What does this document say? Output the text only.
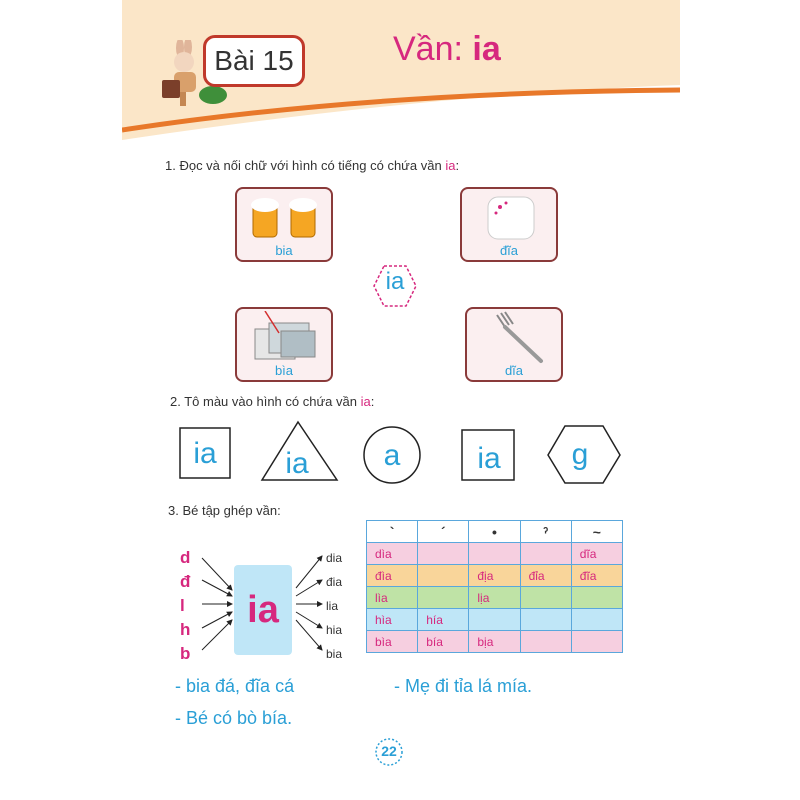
Bài 15	Vần: ia
1. Đọc và nối chữ với hình có tiếng có chứa vần ia:
bia	đĩa
ia
bìa	dĩa
2. Tô màu vào hình có chứa vần ia:
ia	ia	a	ia	g
3. Bé tập ghép vần:
d
đ
l
h
b
ia
dia
đia
lia
hia
bia
`	´	•	ˀ	~
dìa				dĩa
đìa		địa	đỉa	đĩa
lìa		lịa		
hìa	hía			
bìa	bía	bịa		
- bia đá, đĩa cá	- Mẹ đi tỉa lá mía.
- Bé có bò bía.
22
